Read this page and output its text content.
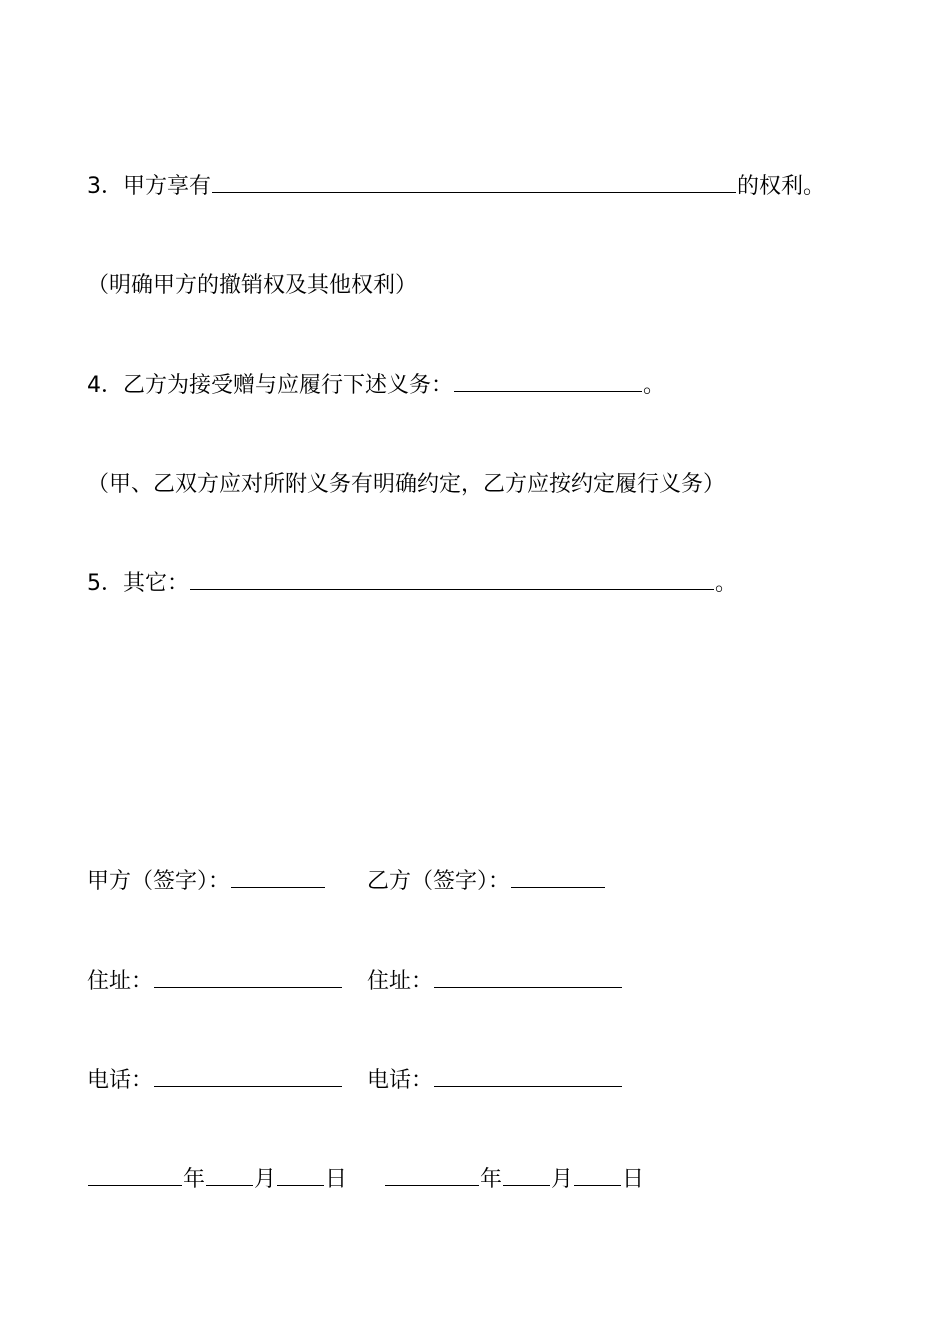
3．甲方享有	的权利。
（明确甲方的撤销权及其他权利）
4．乙方为接受赠与应履行下述义务：	。
（甲、乙双方应对所附义务有明确约定，乙方应按约定履行义务）
5．其它：	。
甲方（签字）：	乙方（签字）：
住址：	住址：
电话：	电话：
年 月 日	年 月 日
